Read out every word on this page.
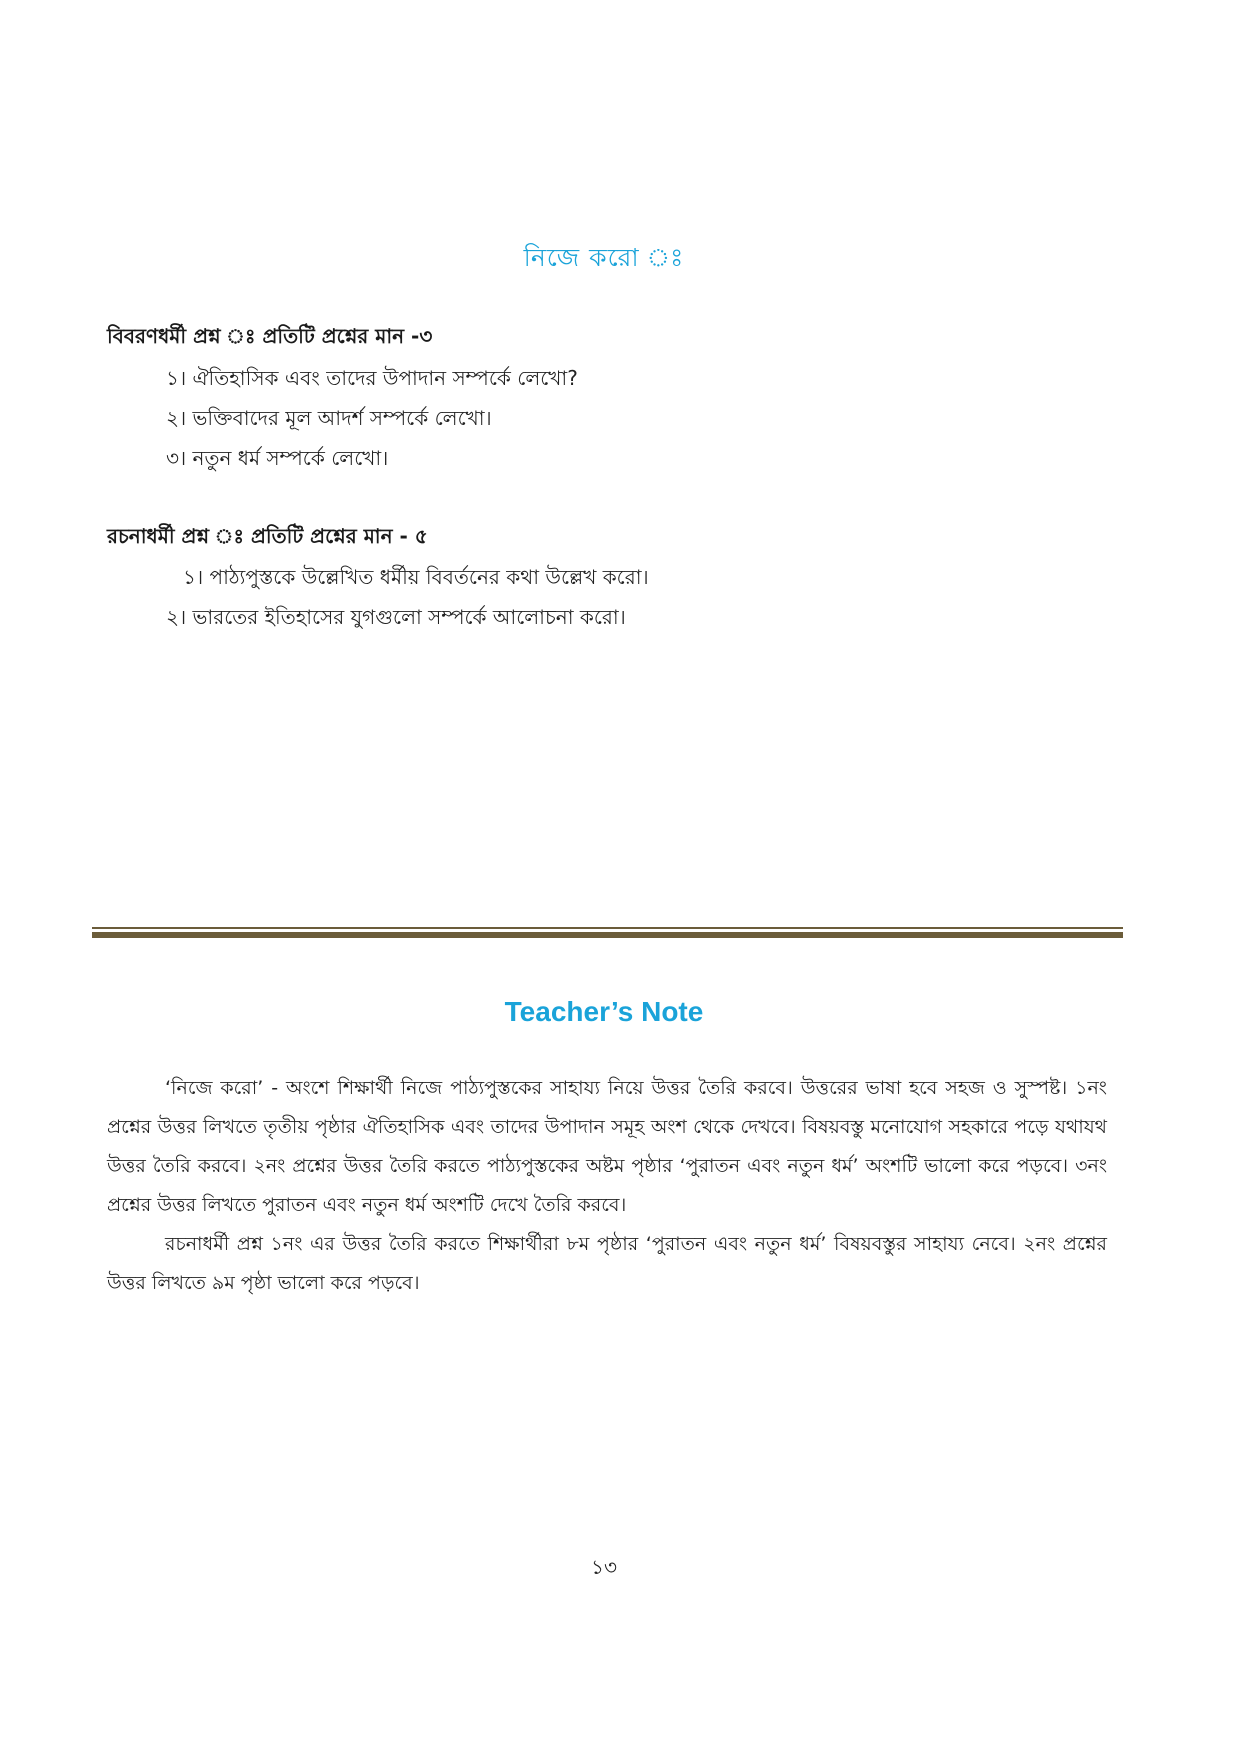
নিজে করো ঃ
বিবরণধর্মী প্রশ্ন ঃ প্রতিটি প্রশ্নের মান -৩
১। ঐতিহাসিক এবং তাদের উপাদান সম্পর্কে লেখো?
২। ভক্তিবাদের মূল আদর্শ সম্পর্কে লেখো।
৩। নতুন ধর্ম সম্পর্কে লেখো।
রচনাধর্মী প্রশ্ন ঃ প্রতিটি প্রশ্নের মান - ৫
১। পাঠ্যপুস্তকে উল্লেখিত ধর্মীয় বিবর্তনের কথা উল্লেখ করো।
২। ভারতের ইতিহাসের যুগগুলো সম্পর্কে আলোচনা করো।
Teacher’s Note

‘নিজে করো’ - অংশে শিক্ষার্থী নিজে পাঠ্যপুস্তকের সাহায্য নিয়ে উত্তর তৈরি করবে। উত্তরের ভাষা হবে সহজ ও সুস্পষ্ট। ১নং প্রশ্নের উত্তর লিখতে তৃতীয় পৃষ্ঠার ঐতিহাসিক এবং তাদের উপাদান সমূহ অংশ থেকে দেখবে। বিষয়বস্তু মনোযোগ সহকারে পড়ে যথাযথ উত্তর তৈরি করবে। ২নং প্রশ্নের উত্তর তৈরি করতে পাঠ্যপুস্তকের অষ্টম পৃষ্ঠার ‘পুরাতন এবং নতুন ধর্ম’ অংশটি ভালো করে পড়বে। ৩নং প্রশ্নের উত্তর লিখতে পুরাতন এবং নতুন ধর্ম অংশটি দেখে তৈরি করবে।

রচনাধর্মী প্রশ্ন ১নং এর উত্তর তৈরি করতে শিক্ষার্থীরা ৮ম পৃষ্ঠার ‘পুরাতন এবং নতুন ধর্ম’ বিষয়বস্তুর সাহায্য নেবে। ২নং প্রশ্নের উত্তর লিখতে ৯ম পৃষ্ঠা ভালো করে পড়বে।

১৩
